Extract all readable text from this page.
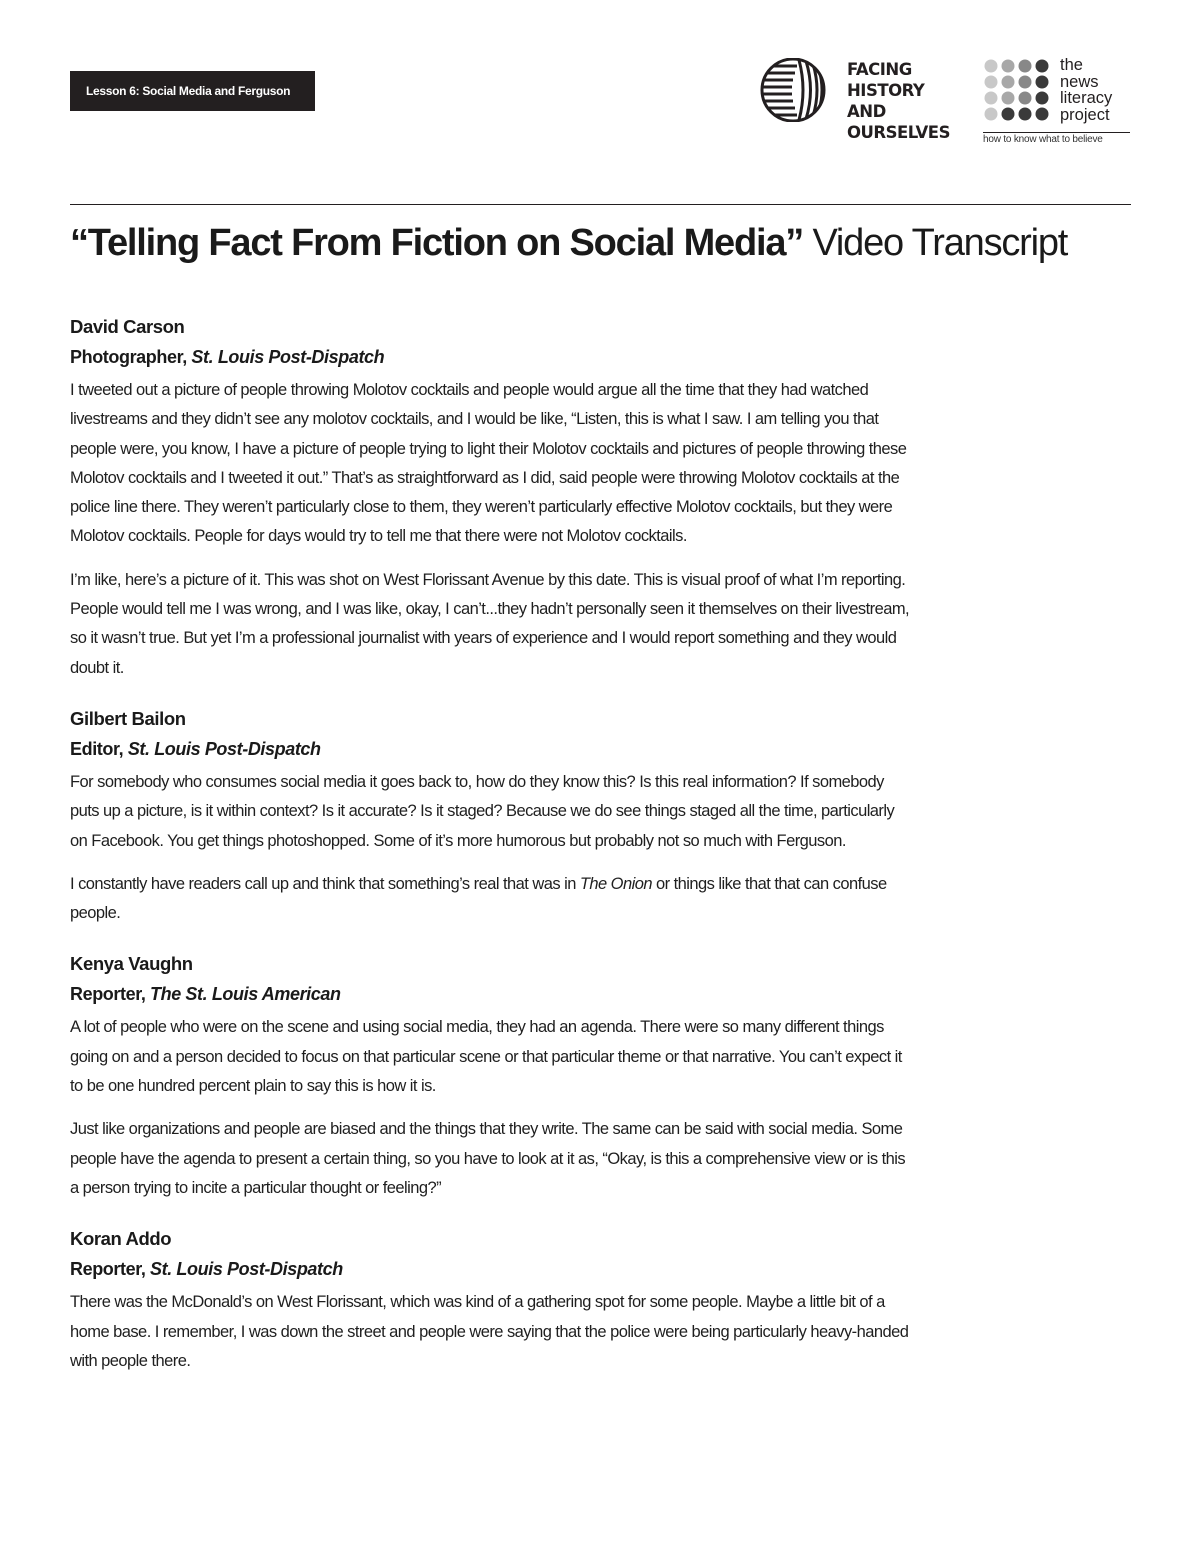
Lesson 6: Social Media and Ferguson
FACING
HISTORY
AND
OURSELVES
the
news
literacy
project
how to know what to believe
“Telling Fact From Fiction on Social Media” Video Transcript
David Carson
Photographer, St. Louis Post-Dispatch

I tweeted out a picture of people throwing Molotov cocktails and people would argue all the time that they had watched livestreams and they didn’t see any molotov cocktails, and I would be like, “Listen, this is what I saw. I am telling you that people were, you know, I have a picture of people trying to light their Molotov cocktails and pictures of people throwing these Molotov cocktails and I tweeted it out.” That’s as straightforward as I did, said people were throwing Molotov cocktails at the police line there. They weren’t particularly close to them, they weren’t particularly effective Molotov cocktails, but they were Molotov cocktails. People for days would try to tell me that there were not Molotov cocktails.

I’m like, here’s a picture of it. This was shot on West Florissant Avenue by this date. This is visual proof of what I’m reporting. People would tell me I was wrong, and I was like, okay, I can’t...they hadn’t personally seen it themselves on their livestream, so it wasn’t true. But yet I’m a professional journalist with years of experience and I would report something and they would doubt it.

Gilbert Bailon
Editor, St. Louis Post-Dispatch

For somebody who consumes social media it goes back to, how do they know this? Is this real information? If somebody puts up a picture, is it within context? Is it accurate? Is it staged? Because we do see things staged all the time, particularly on Facebook. You get things photoshopped. Some of it’s more humorous but probably not so much with Ferguson.

I constantly have readers call up and think that something’s real that was in The Onion or things like that that can confuse people.

Kenya Vaughn
Reporter, The St. Louis American

A lot of people who were on the scene and using social media, they had an agenda. There were so many different things going on and a person decided to focus on that particular scene or that particular theme or that narrative. You can’t expect it to be one hundred percent plain to say this is how it is.

Just like organizations and people are biased and the things that they write. The same can be said with social media. Some people have the agenda to present a certain thing, so you have to look at it as, “Okay, is this a comprehensive view or is this a person trying to incite a particular thought or feeling?”

Koran Addo
Reporter, St. Louis Post-Dispatch

There was the McDonald’s on West Florissant, which was kind of a gathering spot for some people. Maybe a little bit of a home base. I remember, I was down the street and people were saying that the police were being particularly heavy-handed with people there.
